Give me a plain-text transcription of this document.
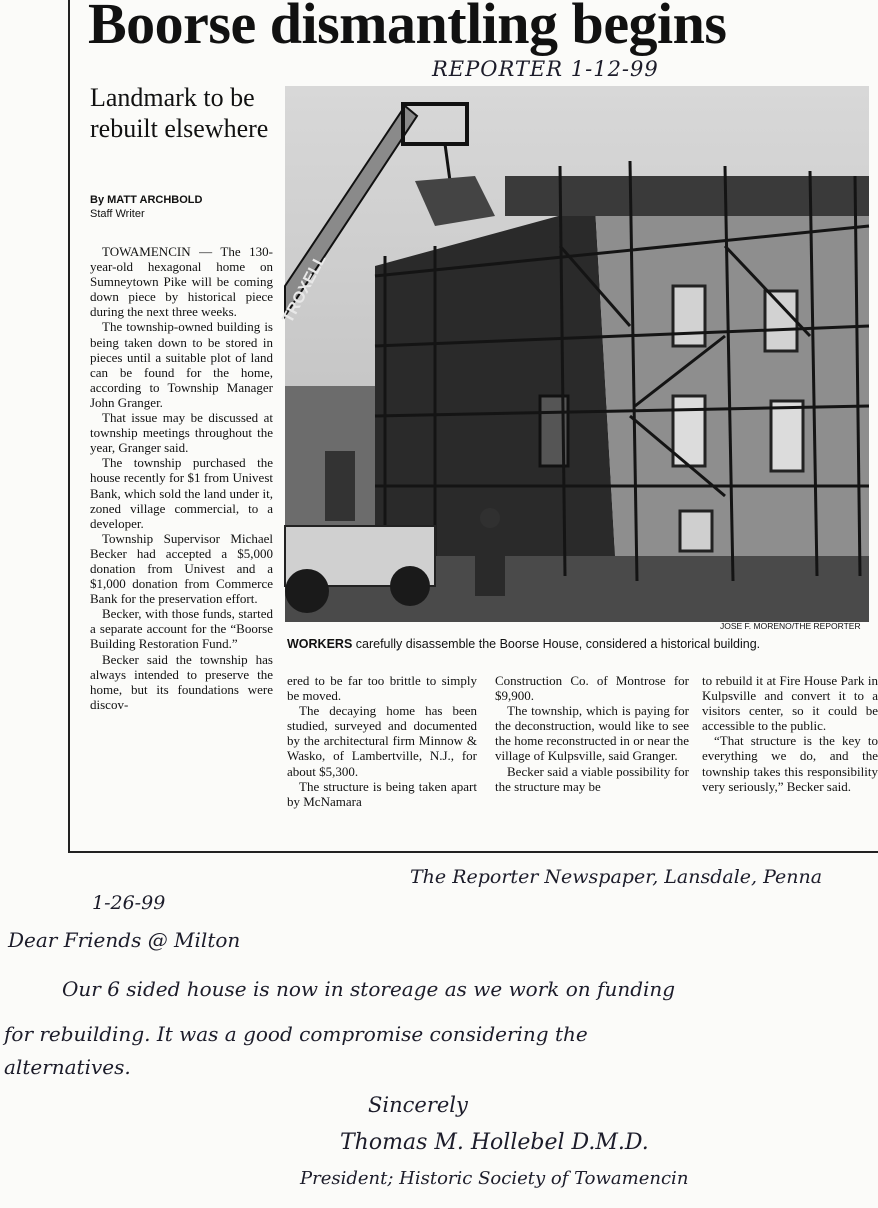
Boorse dismantling begins
REPORTER 1-12-99
Landmark to be rebuilt elsewhere
By MATT ARCHBOLD
Staff Writer

TOWAMENCIN — The 130-year-old hexagonal home on Sumneytown Pike will be coming down piece by historical piece during the next three weeks.

The township-owned building is being taken down to be stored in pieces until a suitable plot of land can be found for the home, according to Township Manager John Granger.

That issue may be discussed at township meetings throughout the year, Granger said.

The township purchased the house recently for $1 from Univest Bank, which sold the land under it, zoned village commercial, to a developer.

Township Supervisor Michael Becker had accepted a $5,000 donation from Univest and a $1,000 donation from Commerce Bank for the preservation effort.

Becker, with those funds, started a separate account for the “Boorse Building Restoration Fund.”

Becker said the township has always intended to preserve the home, but its foundations were discov-

TROXELL
JOSE F. MORENO/THE REPORTER
WORKERS carefully disassemble the Boorse House, considered a historical building.

ered to be far too brittle to simply be moved.

The decaying home has been studied, surveyed and documented by the architectural firm Minnow & Wasko, of Lambertville, N.J., for about $5,300.

The structure is being taken apart by McNamara

Construction Co. of Montrose for $9,900.

The township, which is paying for the deconstruction, would like to see the home reconstructed in or near the village of Kulpsville, said Granger.

Becker said a viable possibility for the structure may be

to rebuild it at Fire House Park in Kulpsville and convert it to a visitors center, so it could be accessible to the public.

“That structure is the key to everything we do, and the township takes this responsibility very seriously,” Becker said.

The Reporter Newspaper, Lansdale, Penna
1-26-99
Dear Friends @ Milton
Our 6 sided house is now in storeage as we work on funding
for rebuilding. It was a good compromise considering the
alternatives.
Sincerely
Thomas M. Hollebel D.M.D.
President; Historic Society of Towamencin
